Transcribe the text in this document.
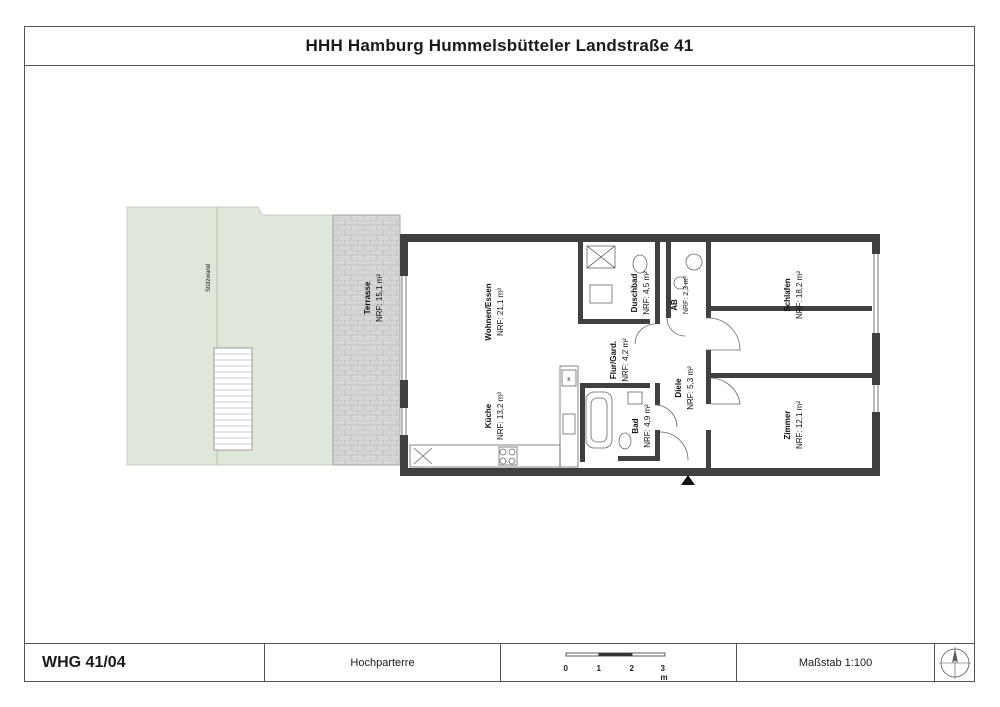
HHH Hamburg Hummelsbütteler Landstraße 41
Stützwand
Terrasse NRF: 15,1 m²
K
Wohnen/Essen NRF: 21,1 m²
Küche NRF: 13,2 m²
Duschbad NRF: 4,5 m²
Flur/Gard. NRF: 4,2 m²
Bad NRF: 4,9 m²
AB NRF: 2,3 m²
Diele NRF: 5,3 m²
Schlafen NRF: 18,2 m²
Zimmer NRF: 12,1 m²
WHG 41/04	Hochparterre	0	1	2	3 m
Maßstab 1:100
